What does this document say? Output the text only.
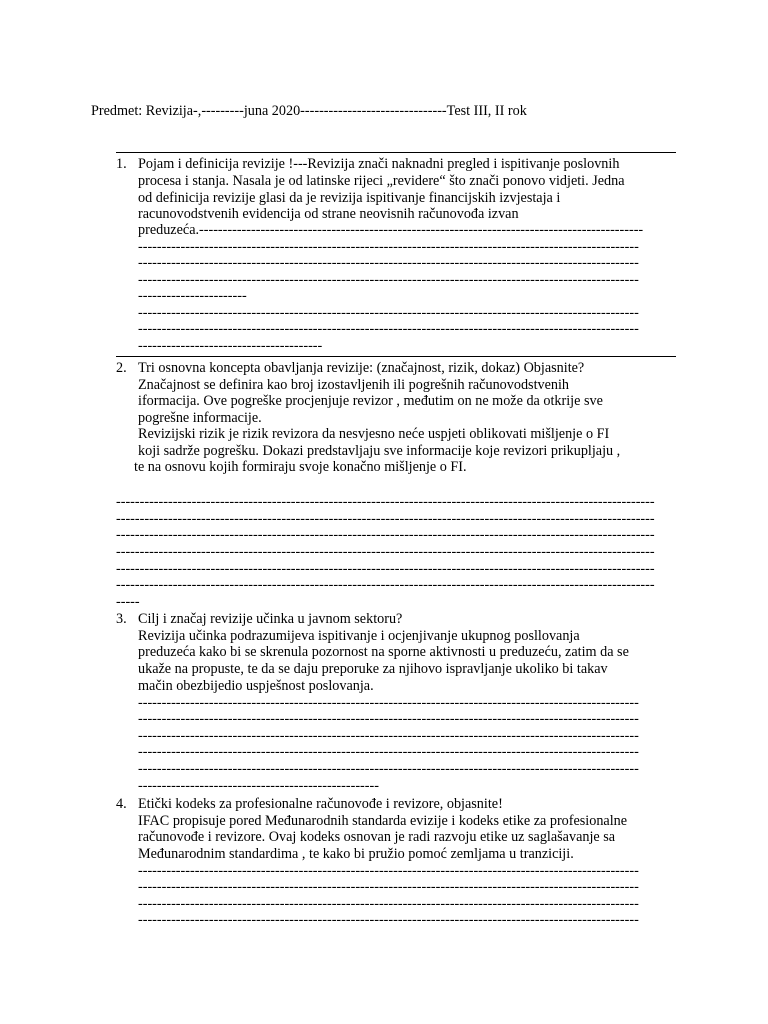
Predmet: Revizija-,---------juna 2020-------------------------------Test III, II rok
1. Pojam i definicija revizije !---Revizija znači naknadni pregled i ispitivanje poslovnih
procesa i stanja. Nasala je od latinske rijeci „revidere“ što znači ponovo vidjeti. Jedna
od definicija revizije glasi da je revizija ispitivanje financijskih izvjestaja i
racunovodstvenih evidencija od strane neovisnih računovođa izvan
preduzeća.----------------------------------------------------------------------------------------------
----------------------------------------------------------------------------------------------------------
----------------------------------------------------------------------------------------------------------
----------------------------------------------------------------------------------------------------------
-----------------------
----------------------------------------------------------------------------------------------------------
----------------------------------------------------------------------------------------------------------
---------------------------------------
2. Tri osnovna koncepta obavljanja revizije: (značajnost, rizik, dokaz) Objasnite?
Značajnost se definira kao broj izostavljenih ili pogrešnih računovodstvenih
iformacija. Ove pogreške procjenjuje revizor , međutim on ne može da otkrije sve
pogrešne informacije.
Revizijski rizik je rizik revizora da nesvjesno neće uspjeti oblikovati mišljenje o FI
koji sadrže pogrešku. Dokazi predstavljaju sve informacije koje revizori prikupljaju ,
te na osnovu kojih formiraju svoje konačno mišljenje o FI.
------------------------------------------------------------------------------------------------------------------
------------------------------------------------------------------------------------------------------------------
------------------------------------------------------------------------------------------------------------------
------------------------------------------------------------------------------------------------------------------
------------------------------------------------------------------------------------------------------------------
------------------------------------------------------------------------------------------------------------------
-----
3. Cilj i značaj revizije učinka u javnom sektoru?
Revizija učinka podrazumijeva ispitivanje i ocjenjivanje ukupnog posllovanja
preduzeća kako bi se skrenula pozornost na sporne aktivnosti u preduzeću, zatim da se
ukaže na propuste, te da se daju preporuke za njihovo ispravljanje ukoliko bi takav
mačin obezbijedio uspješnost poslovanja.
----------------------------------------------------------------------------------------------------------
----------------------------------------------------------------------------------------------------------
----------------------------------------------------------------------------------------------------------
----------------------------------------------------------------------------------------------------------
----------------------------------------------------------------------------------------------------------
---------------------------------------------------
4. Etički kodeks za profesionalne računovođe i revizore, objasnite!
IFAC propisuje pored Međunarodnih standarda evizije i kodeks etike za profesionalne
računovođe i revizore. Ovaj kodeks osnovan je radi razvoju etike uz saglašavanje sa
Međunarodnim standardima , te kako bi pružio pomoć zemljama u tranziciji.
----------------------------------------------------------------------------------------------------------
----------------------------------------------------------------------------------------------------------
----------------------------------------------------------------------------------------------------------
----------------------------------------------------------------------------------------------------------
